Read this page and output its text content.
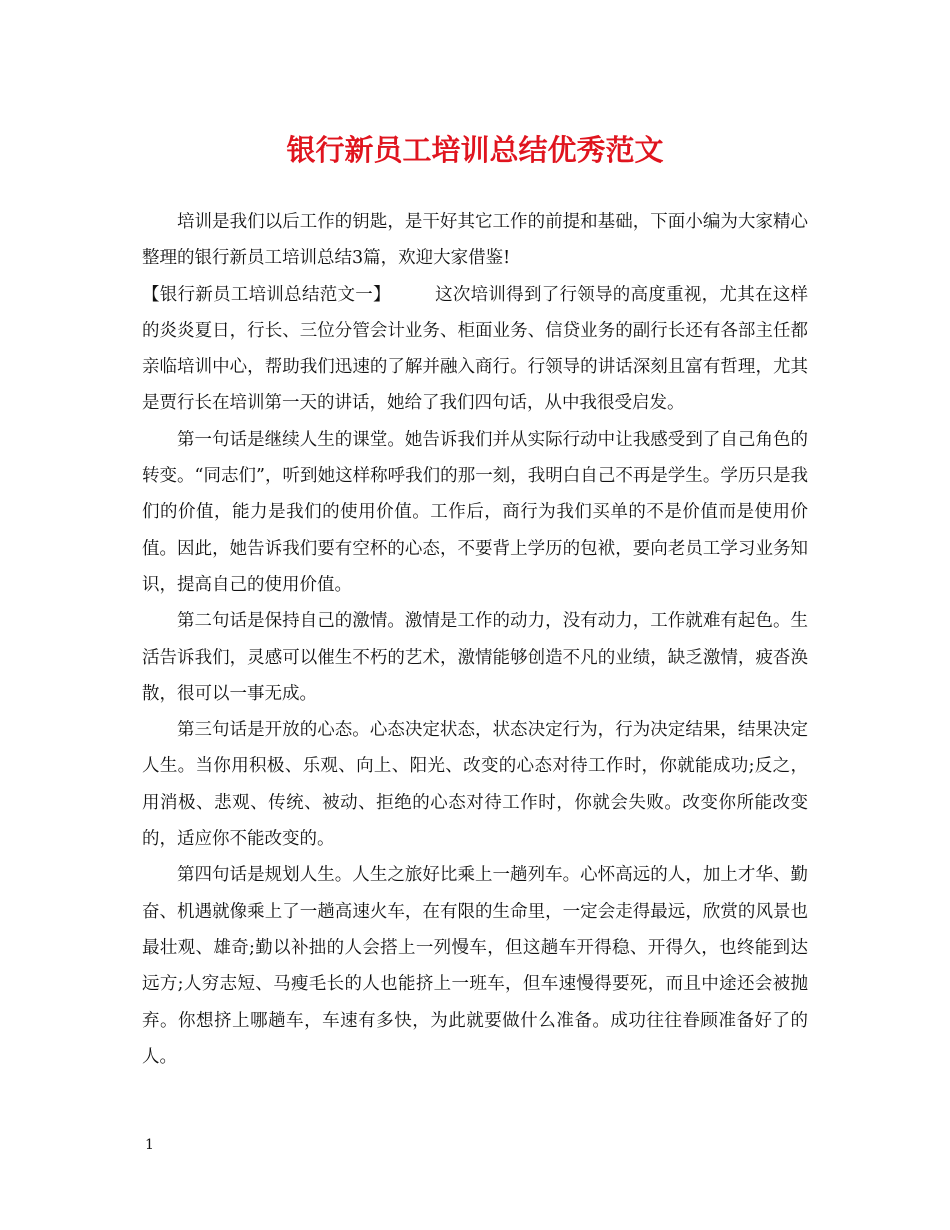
银行新员工培训总结优秀范文

培训是我们以后工作的钥匙，是干好其它工作的前提和基础，下面小编为大家精心整理的银行新员工培训总结3篇，欢迎大家借鉴!

【银行新员工培训总结范文一】	这次培训得到了行领导的高度重视，尤其在这样的炎炎夏日，行长、三位分管会计业务、柜面业务、信贷业务的副行长还有各部主任都亲临培训中心，帮助我们迅速的了解并融入商行。行领导的讲话深刻且富有哲理，尤其是贾行长在培训第一天的讲话，她给了我们四句话，从中我很受启发。

第一句话是继续人生的课堂。她告诉我们并从实际行动中让我感受到了自己角色的转变。“同志们”，听到她这样称呼我们的那一刻，我明白自己不再是学生。学历只是我们的价值，能力是我们的使用价值。工作后，商行为我们买单的不是价值而是使用价值。因此，她告诉我们要有空杯的心态，不要背上学历的包袱，要向老员工学习业务知识，提高自己的使用价值。

第二句话是保持自己的激情。激情是工作的动力，没有动力，工作就难有起色。生活告诉我们，灵感可以催生不朽的艺术，激情能够创造不凡的业绩，缺乏激情，疲沓涣散，很可以一事无成。

第三句话是开放的心态。心态决定状态，状态决定行为，行为决定结果，结果决定人生。当你用积极、乐观、向上、阳光、改变的心态对待工作时，你就能成功;反之，用消极、悲观、传统、被动、拒绝的心态对待工作时，你就会失败。改变你所能改变的，适应你不能改变的。

第四句话是规划人生。人生之旅好比乘上一趟列车。心怀高远的人，加上才华、勤奋、机遇就像乘上了一趟高速火车，在有限的生命里，一定会走得最远，欣赏的风景也最壮观、雄奇;勤以补拙的人会搭上一列慢车，但这趟车开得稳、开得久，也终能到达远方;人穷志短、马瘦毛长的人也能挤上一班车，但车速慢得要死，而且中途还会被抛弃。你想挤上哪趟车，车速有多快，为此就要做什么准备。成功往往眷顾准备好了的人。

1
